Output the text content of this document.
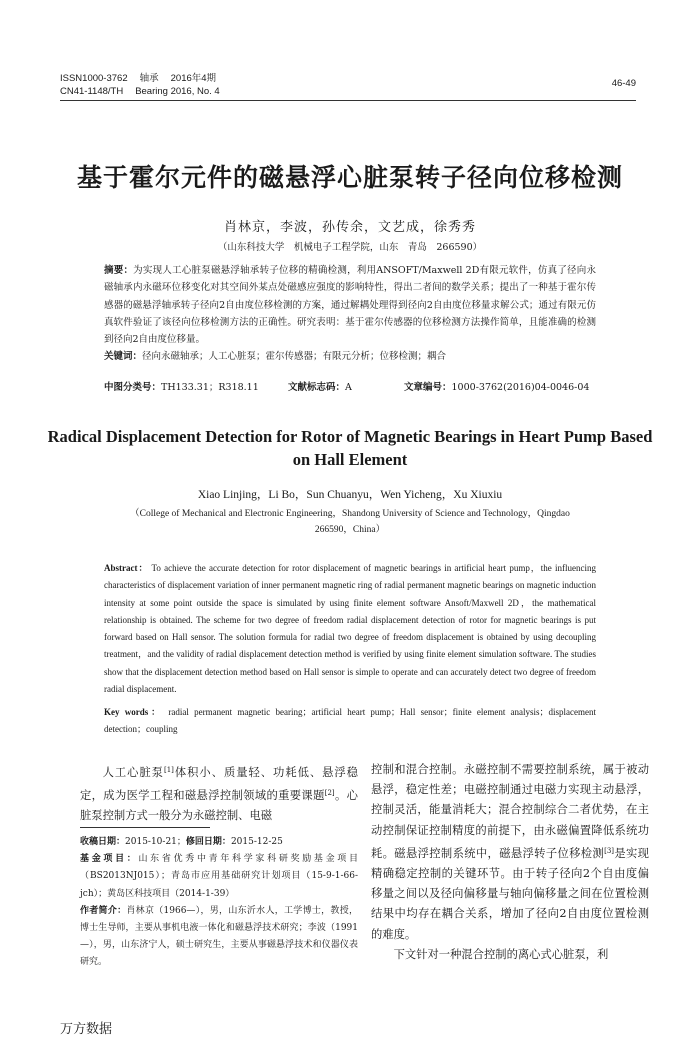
ISSN1000-3762 轴承 2016年4期
CN41-1148/TH Bearing 2016, No. 4
46-49
基于霍尔元件的磁悬浮心脏泵转子径向位移检测
肖林京，李波，孙传余，文艺成，徐秀秀
（山东科技大学　机械电子工程学院，山东　青岛　266590）
摘要：为实现人工心脏泵磁悬浮轴承转子位移的精确检测，利用ANSOFT/Maxwell 2D有限元软件，仿真了径向永磁轴承内永磁环位移变化对其空间外某点处磁感应强度的影响特性，得出二者间的数学关系；提出了一种基于霍尔传感器的磁悬浮轴承转子径向2自由度位移检测的方案，通过解耦处理得到径向2自由度位移量求解公式；通过有限元仿真软件验证了该径向位移检测方法的正确性。研究表明：基于霍尔传感器的位移检测方法操作简单，且能准确的检测到径向2自由度位移量。
关键词：径向永磁轴承；人工心脏泵；霍尔传感器；有限元分析；位移检测；耦合
中图分类号：TH133.31；R318.11	文献标志码：A	文章编号：1000-3762(2016)04-0046-04
Radical Displacement Detection for Rotor of Magnetic Bearings in Heart Pump Based on Hall Element
Xiao Linjing，Li Bo，Sun Chuanyu，Wen Yicheng，Xu Xiuxiu
（College of Mechanical and Electronic Engineering，Shandong University of Science and Technology，Qingdao 266590，China）
Abstract： To achieve the accurate detection for rotor displacement of magnetic bearings in artificial heart pump，the influencing characteristics of displacement variation of inner permanent magnetic ring of radial permanent magnetic bearings on magnetic induction intensity at some point outside the space is simulated by using finite element software Ansoft/Maxwell 2D，the mathematical relationship is obtained. The scheme for two degree of freedom radial displacement detection of rotor for magnetic bearings is put forward based on Hall sensor. The solution formula for radial two degree of freedom displacement is obtained by using decoupling treatment，and the validity of radial displacement detection method is verified by using finite element simulation software. The studies show that the displacement detection method based on Hall sensor is simple to operate and can accurately detect two degree of freedom radial displacement.
Key words： radial permanent magnetic bearing；artificial heart pump；Hall sensor；finite element analysis；displacement detection；coupling
人工心脏泵[1]体积小、质量轻、功耗低、悬浮稳定，成为医学工程和磁悬浮控制领域的重要课题[2]。心脏泵控制方式一般分为永磁控制、电磁
收稿日期：2015-10-21；修回日期：2015-12-25
基金项目：山东省优秀中青年科学家科研奖励基金项目（BS2013NJ015）；青岛市应用基础研究计划项目（15-9-1-66-jch）；黄岛区科技项目（2014-1-39）
作者简介：肖林京（1966—），男，山东沂水人，工学博士，教授，博士生导师，主要从事机电液一体化和磁悬浮技术研究；李波（1991—），男，山东济宁人，硕士研究生，主要从事磁悬浮技术和仪器仪表研究。
控制和混合控制。永磁控制不需要控制系统，属于被动悬浮，稳定性差；电磁控制通过电磁力实现主动悬浮，控制灵活，能量消耗大；混合控制综合二者优势，在主动控制保证控制精度的前提下，由永磁偏置降低系统功耗。磁悬浮控制系统中，磁悬浮转子位移检测[3]是实现精确稳定控制的关键环节。由于转子径向2个自由度偏移量之间以及径向偏移量与轴向偏移量之间在位置检测结果中均存在耦合关系，增加了径向2自由度位置检测的难度。
下文针对一种混合控制的离心式心脏泵，利
万方数据
